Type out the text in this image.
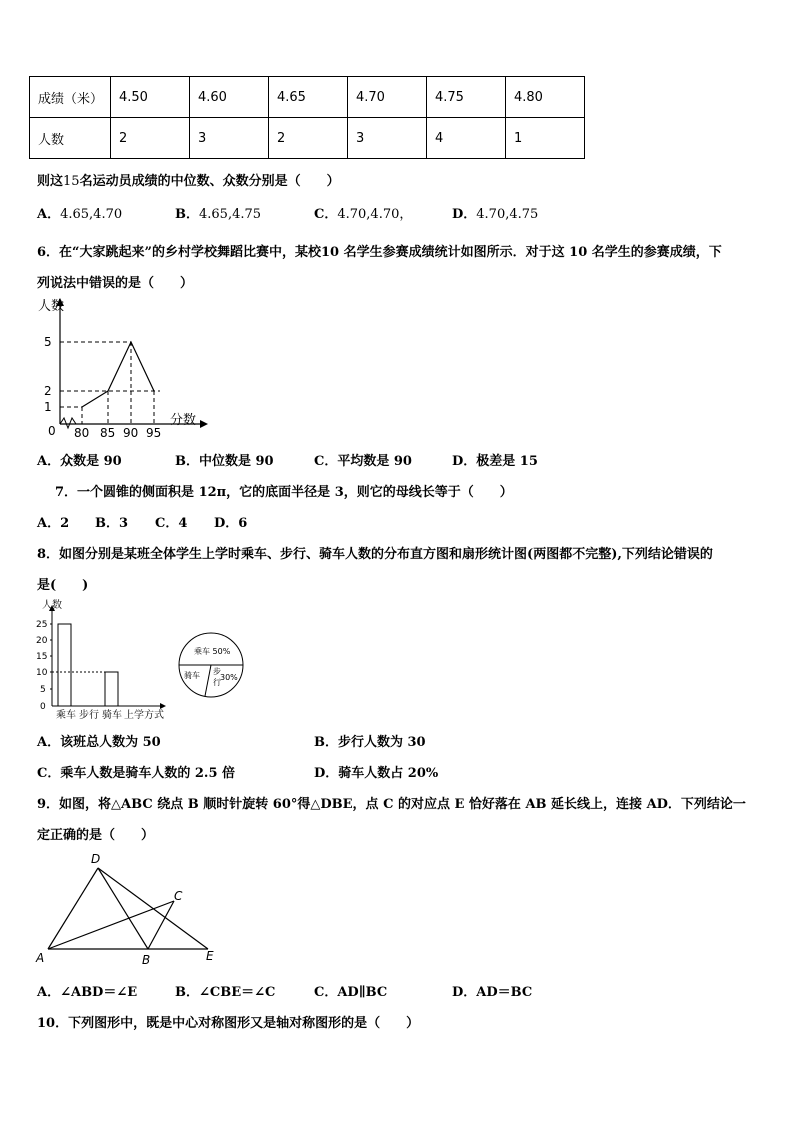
成绩（米）	4.50	4.60	4.65	4.70	4.75	4.80
人数	2	3	2	3	4	1
则这15名运动员成绩的中位数、众数分别是（　　）
A．4.65,4.70	B．4.65,4.75	C．4.70,4.70，	D．4.70,4.75
6．在“大家跳起来”的乡村学校舞蹈比赛中，某校10 名学生参赛成绩统计如图所示．对于这 10 名学生的参赛成绩，下
列说法中错误的是（　　）
人数
分数
0
1
2
5
80 85 90 95
A．众数是 90	B．中位数是 90	C．平均数是 90	D．极差是 15
7．一个圆锥的侧面积是 12π，它的底面半径是 3，则它的母线长等于（　　）
A．2 B．3 C．4 D．6
8．如图分别是某班全体学生上学时乘车、步行、骑车人数的分布直方图和扇形统计图(两图都不完整),下列结论错误的
是(　　)
人数
0
5
10
15
20
25
乘车 步行 骑车 上学方式
乘车 50%
骑车 步
行
30%
A．该班总人数为 50	B．步行人数为 30
C．乘车人数是骑车人数的 2.5 倍	D．骑车人数占 20%
9．如图，将△ABC 绕点 B 顺时针旋转 60°得△DBE，点 C 的对应点 E 恰好落在 AB 延长线上，连接 AD．下列结论一
定正确的是（　　）
A	B
C
D
E
A．∠ABD＝∠E	B．∠CBE＝∠C	C．AD∥BC	D．AD＝BC
10．下列图形中，既是中心对称图形又是轴对称图形的是（　　）
